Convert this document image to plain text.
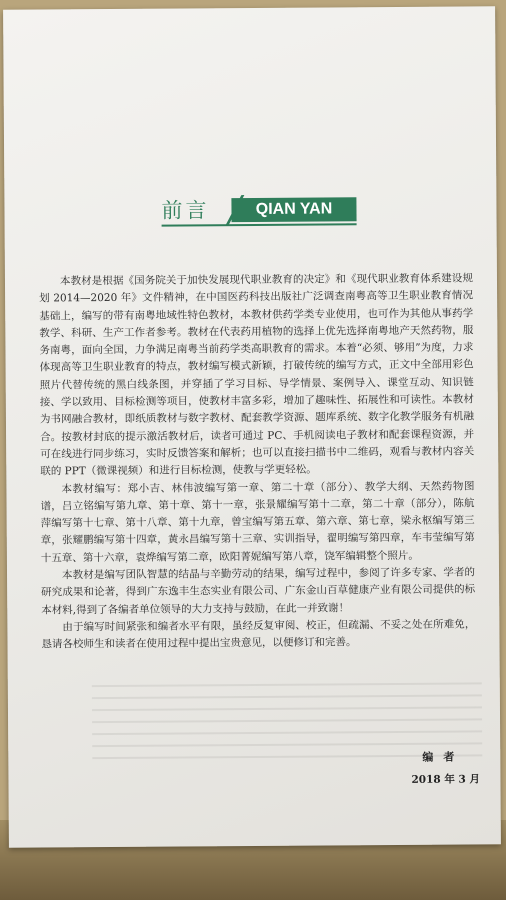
前言	QIAN YAN

本教材是根据《国务院关于加快发展现代职业教育的决定》和《现代职业教育体系建设规划 2014—2020 年》文件精神，在中国医药科技出版社广泛调查南粤高等卫生职业教育情况基础上，编写的带有南粤地域性特色教材，本教材供药学类专业使用，也可作为其他从事药学教学、科研、生产工作者参考。教材在代表药用植物的选择上优先选择南粤地产天然药物，服务南粤，面向全国，力争满足南粤当前药学类高职教育的需求。本着“必须、够用”为度，力求体现高等卫生职业教育的特点，教材编写模式新颖，打破传统的编写方式，正文中全部用彩色照片代替传统的黑白线条图，并穿插了学习目标、导学情景、案例导入、课堂互动、知识链接、学以致用、目标检测等项目，使教材丰富多彩，增加了趣味性、拓展性和可读性。本教材为书网融合教材，即纸质教材与数字教材、配套教学资源、题库系统、数字化教学服务有机融合。按教材封底的提示激活教材后，读者可通过 PC、手机阅读电子教材和配套课程资源，并可在线进行同步练习，实时反馈答案和解析；也可以直接扫描书中二维码，观看与教材内容关联的 PPT（微课视频）和进行目标检测，使教与学更轻松。

本教材编写：郑小吉、林伟波编写第一章、第二十章（部分）、教学大纲、天然药物图谱，吕立铭编写第九章、第十章、第十一章，张景耀编写第十二章，第二十章（部分），陈航萍编写第十七章、第十八章、第十九章，曾宝编写第五章、第六章、第七章，梁永枢编写第三章，张耀鹏编写第十四章，黄永昌编写第十三章、实训指导，翟明编写第四章，车韦莹编写第十五章、第十六章，袁烨编写第二章，欧阳菁妮编写第八章，饶军编辑整个照片。

本教材是编写团队智慧的结晶与辛勤劳动的结果，编写过程中，参阅了许多专家、学者的研究成果和论著，得到广东逸丰生态实业有限公司、广东金山百草健康产业有限公司提供的标本材料,得到了各编者单位领导的大力支持与鼓励，在此一并致谢！

由于编写时间紧张和编者水平有限，虽经反复审阅、校正，但疏漏、不妥之处在所难免，恳请各校师生和读者在使用过程中提出宝贵意见，以便修订和完善。

编者
2018 年 3 月
